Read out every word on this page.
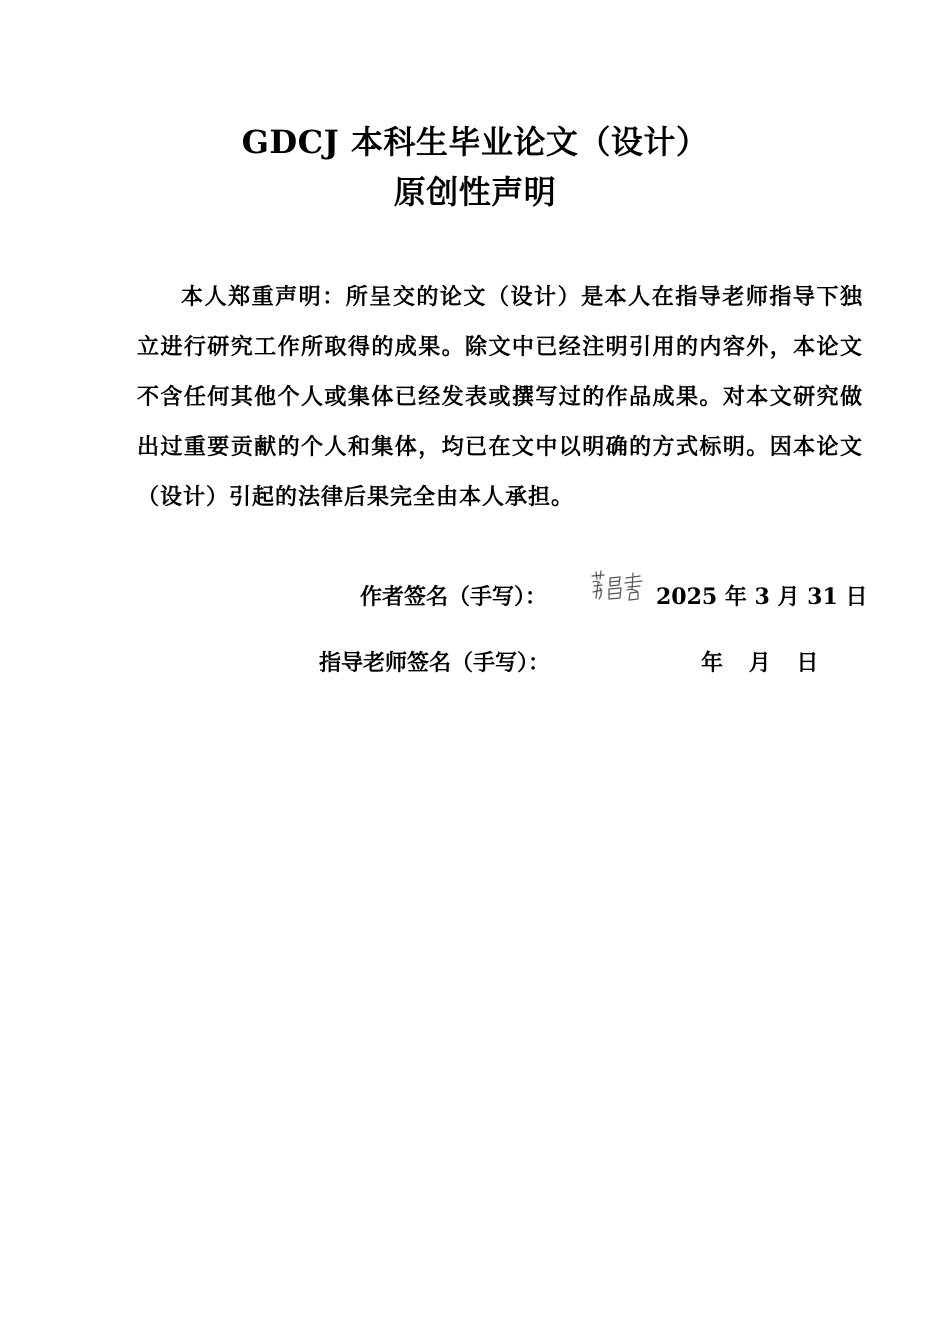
GDCJ 本科生毕业论文（设计）
原创性声明
本人郑重声明：所呈交的论文（设计）是本人在指导老师指导下独立进行研究工作所取得的成果。除文中已经注明引用的内容外，本论文不含任何其他个人或集体已经发表或撰写过的作品成果。对本文研究做出过重要贡献的个人和集体，均已在文中以明确的方式标明。因本论文（设计）引起的法律后果完全由本人承担。
作者签名（手写）：	2025 年 3 月 31 日
指导老师签名（手写）：	年 月 日
